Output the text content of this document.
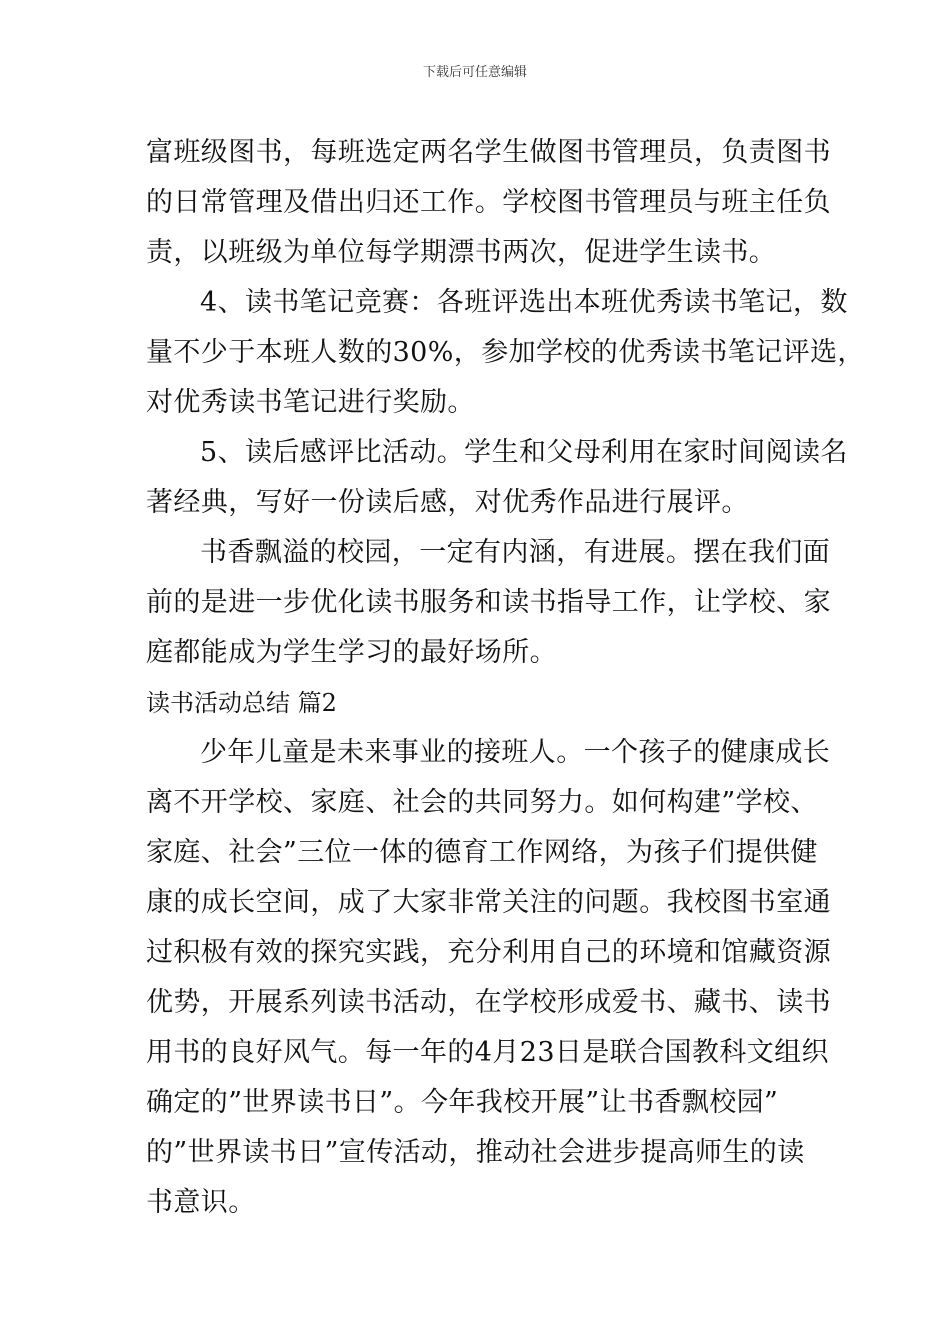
下载后可任意编辑
富班级图书，每班选定两名学生做图书管理员，负责图书
的日常管理及借出归还工作。学校图书管理员与班主任负
责，以班级为单位每学期漂书两次，促进学生读书。
4、读书笔记竞赛：各班评选出本班优秀读书笔记，数
量不少于本班人数的30%，参加学校的优秀读书笔记评选，
对优秀读书笔记进行奖励。
5、读后感评比活动。学生和父母利用在家时间阅读名
著经典，写好一份读后感，对优秀作品进行展评。
书香飘溢的校园，一定有内涵，有进展。摆在我们面
前的是进一步优化读书服务和读书指导工作，让学校、家
庭都能成为学生学习的最好场所。
读书活动总结 篇2
少年儿童是未来事业的接班人。一个孩子的健康成长
离不开学校、家庭、社会的共同努力。如何构建”学校、
家庭、社会”三位一体的德育工作网络，为孩子们提供健
康的成长空间，成了大家非常关注的问题。我校图书室通
过积极有效的探究实践，充分利用自己的环境和馆藏资源
优势，开展系列读书活动，在学校形成爱书、藏书、读书
用书的良好风气。每一年的4月23日是联合国教科文组织
确定的”世界读书日”。今年我校开展”让书香飘校园”
的”世界读书日”宣传活动，推动社会进步提高师生的读
书意识。
